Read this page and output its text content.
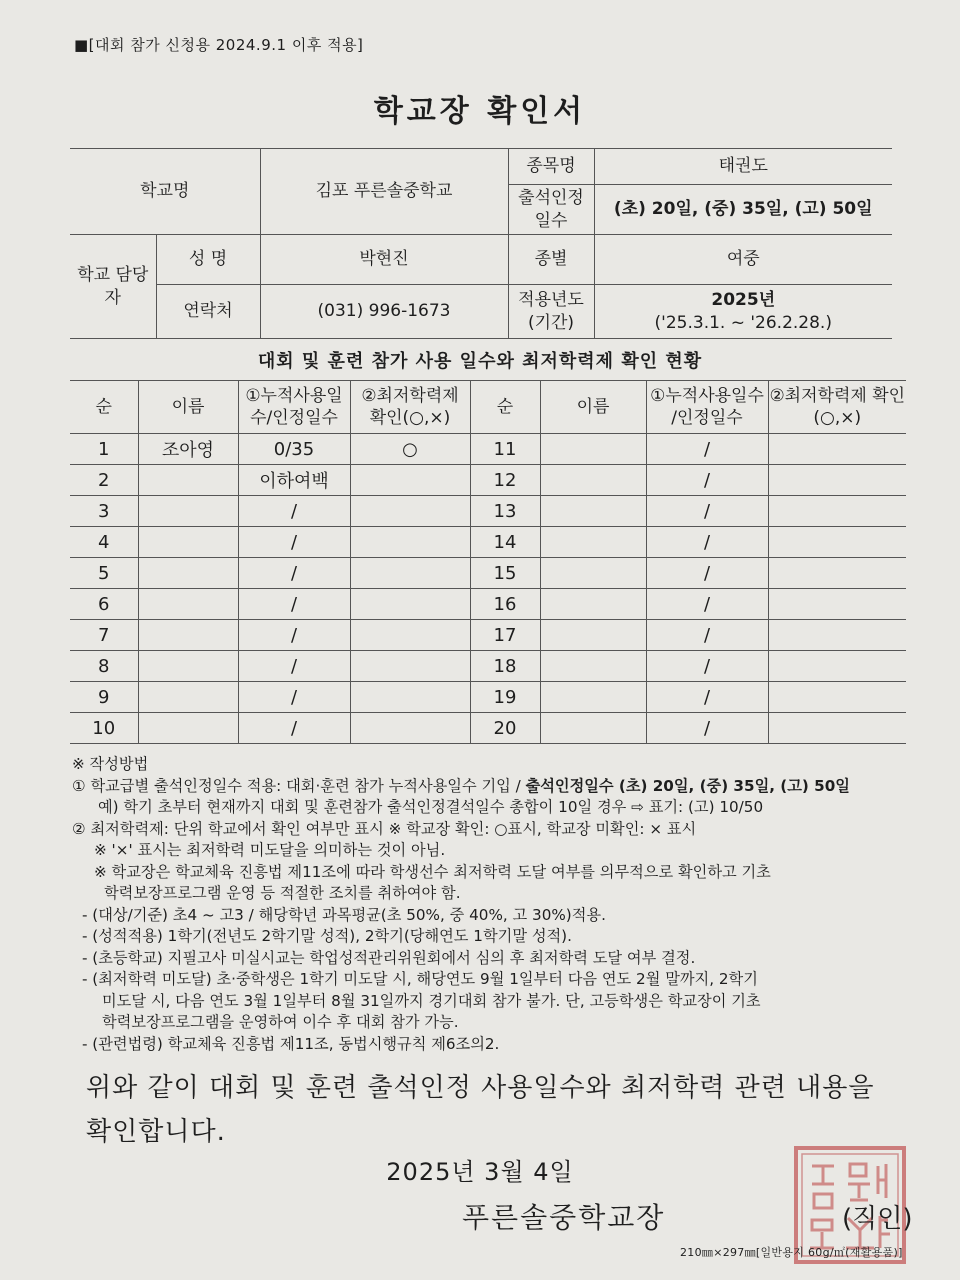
■[대회 참가 신청용 2024.9.1 이후 적용]
학교장 확인서
학교명		김포 푸른솔중학교	종목명	태권도
			출석인정 일수	(초) 20일, (중) 35일, (고) 50일
학교 담당자	성 명	박현진	종별	여중
	연락처	(031) 996-1673	적용년도 (기간)	2025년
('25.3.1. ~ '26.2.28.)
대회 및 훈련 참가 사용 일수와 최저학력제 확인 현황
순	이름	①누적사용일 수/인정일수	②최저학력제 확인(○,×)	순	이름	①누적사용일수 /인정일수	②최저학력제 확인(○,×)
1	조아영	0/35	○	11		/	
2		이하여백		12		/	
3		/		13		/	
4		/		14		/	
5		/		15		/	
6		/		16		/	
7		/		17		/	
8		/		18		/	
9		/		19		/	
10		/		20		/	
※ 작성방법
① 학교급별 출석인정일수 적용: 대회·훈련 참가 누적사용일수 기입 / 출석인정일수 (초) 20일, (중) 35일, (고) 50일
예) 학기 초부터 현재까지 대회 및 훈련참가 출석인정결석일수 총합이 10일 경우 ⇨ 표기: (고) 10/50
② 최저학력제: 단위 학교에서 확인 여부만 표시 ※ 학교장 확인: ○표시, 학교장 미확인: × 표시
※ '×' 표시는 최저학력 미도달을 의미하는 것이 아님.
※ 학교장은 학교체육 진흥법 제11조에 따라 학생선수 최저학력 도달 여부를 의무적으로 확인하고 기초
학력보장프로그램 운영 등 적절한 조치를 취하여야 함.
- (대상/기준) 초4 ~ 고3 / 해당학년 과목평균(초 50%, 중 40%, 고 30%)적용.
- (성적적용) 1학기(전년도 2학기말 성적), 2학기(당해연도 1학기말 성적).
- (초등학교) 지필고사 미실시교는 학업성적관리위원회에서 심의 후 최저학력 도달 여부 결정.
- (최저학력 미도달) 초·중학생은 1학기 미도달 시, 해당연도 9월 1일부터 다음 연도 2월 말까지, 2학기
미도달 시, 다음 연도 3월 1일부터 8월 31일까지 경기대회 참가 불가. 단, 고등학생은 학교장이 기초
학력보장프로그램을 운영하여 이수 후 대회 참가 가능.
- (관련법령) 학교체육 진흥법 제11조, 동법시행규칙 제6조의2.
위와 같이 대회 및 훈련 출석인정 사용일수와 최저학력 관련 내용을
확인합니다.
2025년 3월 4일
푸른솔중학교장	(직인)
210㎜×297㎜[일반용지 60g/㎡(재활용품)]
